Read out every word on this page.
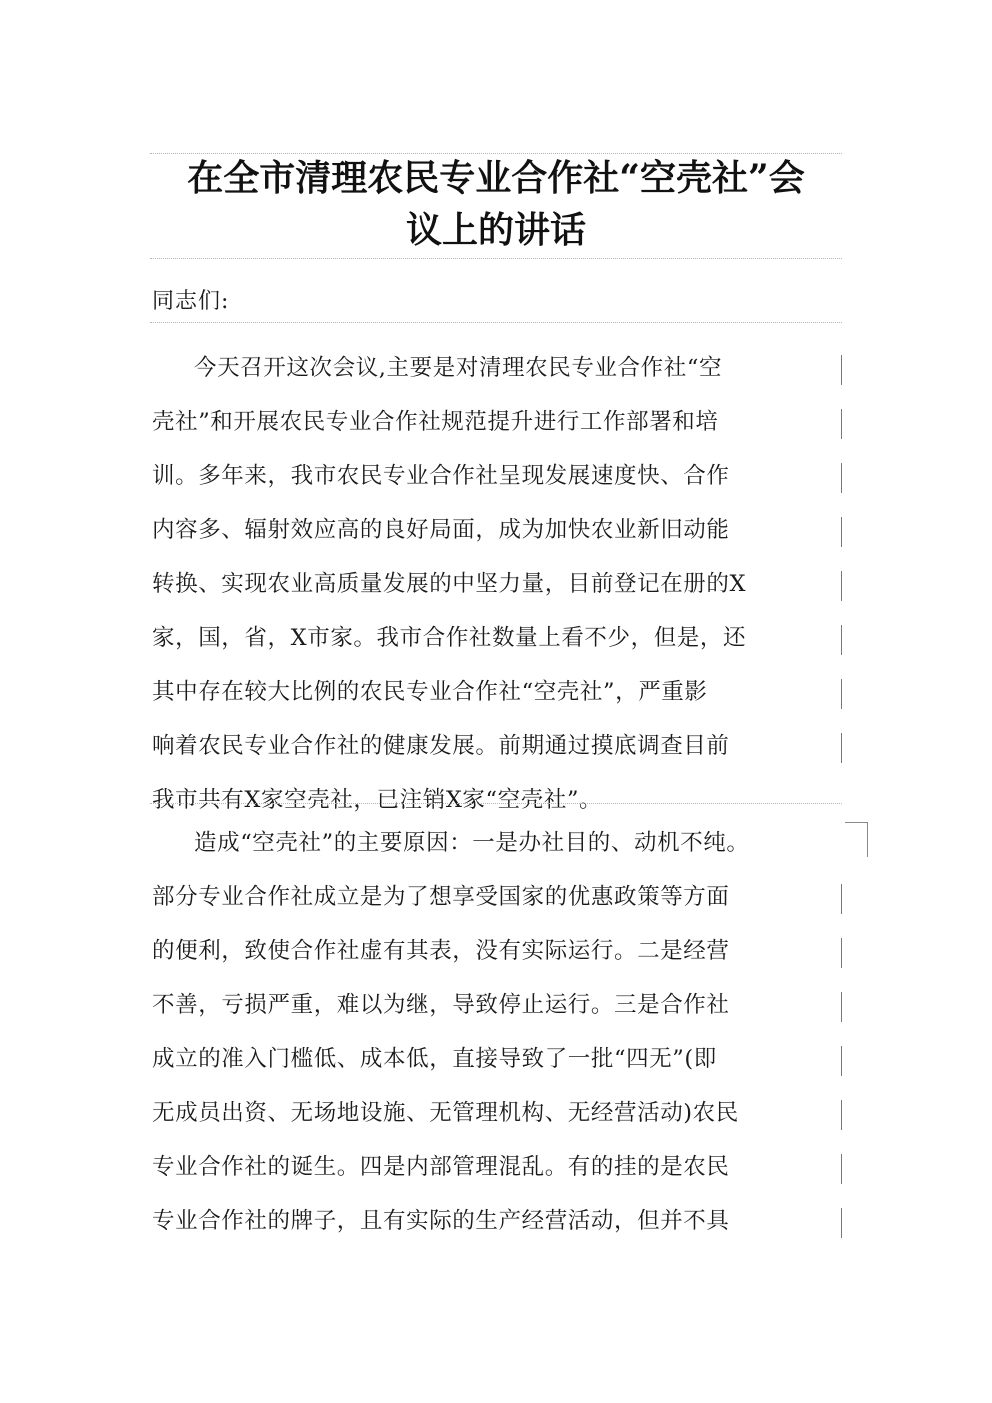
在全市清理农民专业合作社“空壳社”会
议上的讲话

同志们:

今天召开这次会议,主要是对清理农民专业合作社“空
壳社”和开展农民专业合作社规范提升进行工作部署和培
训。多年来，我市农民专业合作社呈现发展速度快、合作
内容多、辐射效应高的良好局面，成为加快农业新旧动能
转换、实现农业高质量发展的中坚力量，目前登记在册的X
家，国，省，X市家。我市合作社数量上看不少，但是，还
其中存在较大比例的农民专业合作社“空壳社”，严重影
响着农民专业合作社的健康发展。前期通过摸底调查目前
我市共有X家空壳社，已注销X家“空壳社”。
造成“空壳社”的主要原因：一是办社目的、动机不纯。
部分专业合作社成立是为了想享受国家的优惠政策等方面
的便利，致使合作社虚有其表，没有实际运行。二是经营
不善，亏损严重，难以为继，导致停止运行。三是合作社
成立的准入门槛低、成本低，直接导致了一批“四无”(即
无成员出资、无场地设施、无管理机构、无经营活动)农民
专业合作社的诞生。四是内部管理混乱。有的挂的是农民
专业合作社的牌子，且有实际的生产经营活动，但并不具
